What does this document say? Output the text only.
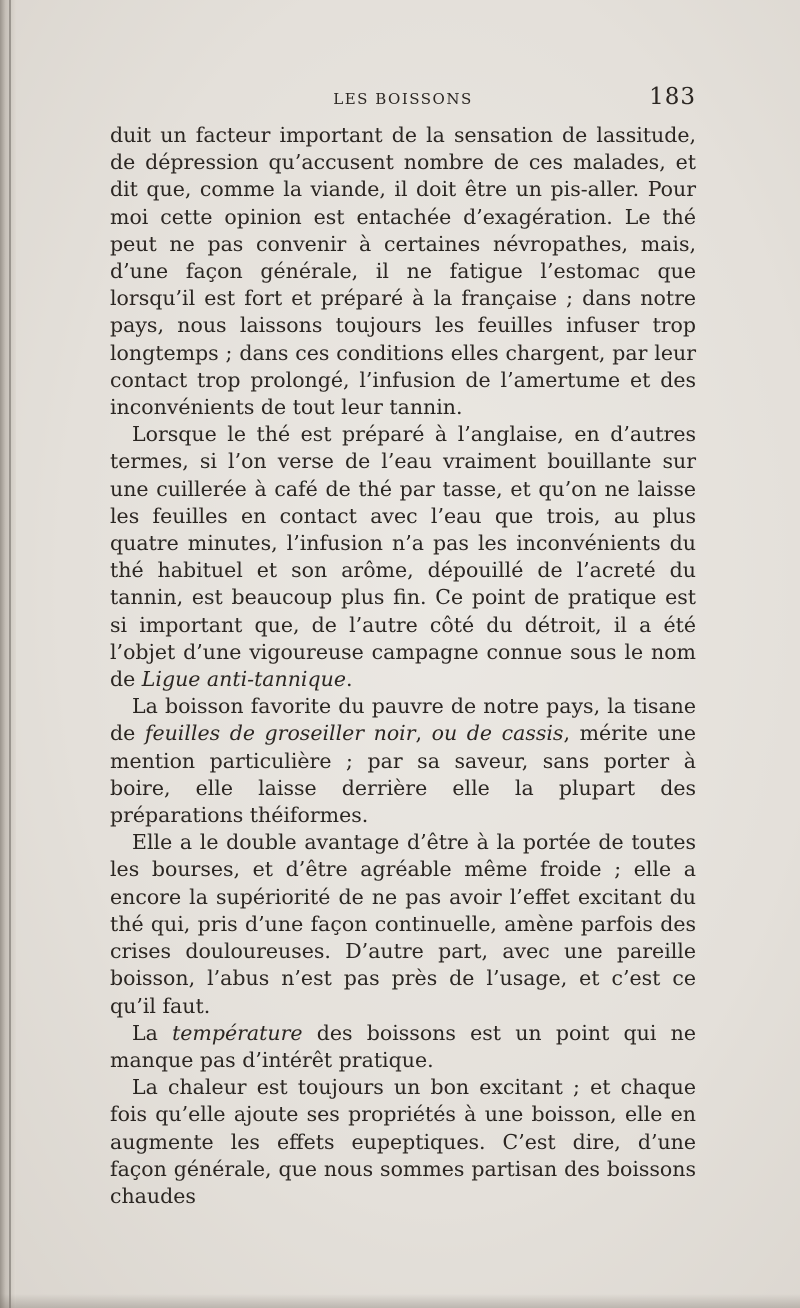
LES BOISSONS	183

duit un facteur important de la sensation de lassitude, de dépression qu’accusent nombre de ces malades, et dit que, comme la viande, il doit être un pis-aller. Pour moi cette opinion est entachée d’exagération. Le thé peut ne pas convenir à certaines névropathes, mais, d’une façon générale, il ne fatigue l’estomac que lorsqu’il est fort et préparé à la française ; dans notre pays, nous laissons toujours les feuilles infuser trop longtemps ; dans ces conditions elles chargent, par leur contact trop prolongé, l’infusion de l’amertume et des inconvénients de tout leur tannin.

Lorsque le thé est préparé à l’anglaise, en d’autres termes, si l’on verse de l’eau vraiment bouillante sur une cuillerée à café de thé par tasse, et qu’on ne laisse les feuilles en contact avec l’eau que trois, au plus quatre minutes, l’infusion n’a pas les inconvénients du thé habituel et son arôme, dépouillé de l’acreté du tannin, est beaucoup plus fin. Ce point de pratique est si important que, de l’autre côté du détroit, il a été l’objet d’une vigoureuse campagne connue sous le nom de Ligue anti-tannique.

La boisson favorite du pauvre de notre pays, la tisane de feuilles de groseiller noir, ou de cassis, mérite une mention particulière ; par sa saveur, sans porter à boire, elle laisse derrière elle la plupart des préparations théiformes.

Elle a le double avantage d’être à la portée de toutes les bourses, et d’être agréable même froide ; elle a encore la supériorité de ne pas avoir l’effet excitant du thé qui, pris d’une façon continuelle, amène parfois des crises douloureuses. D’autre part, avec une pareille boisson, l’abus n’est pas près de l’usage, et c’est ce qu’il faut.

La température des boissons est un point qui ne manque pas d’intérêt pratique.

La chaleur est toujours un bon excitant ; et chaque fois qu’elle ajoute ses propriétés à une boisson, elle en augmente les effets eupeptiques. C’est dire, d’une façon générale, que nous sommes partisan des boissons chaudes
